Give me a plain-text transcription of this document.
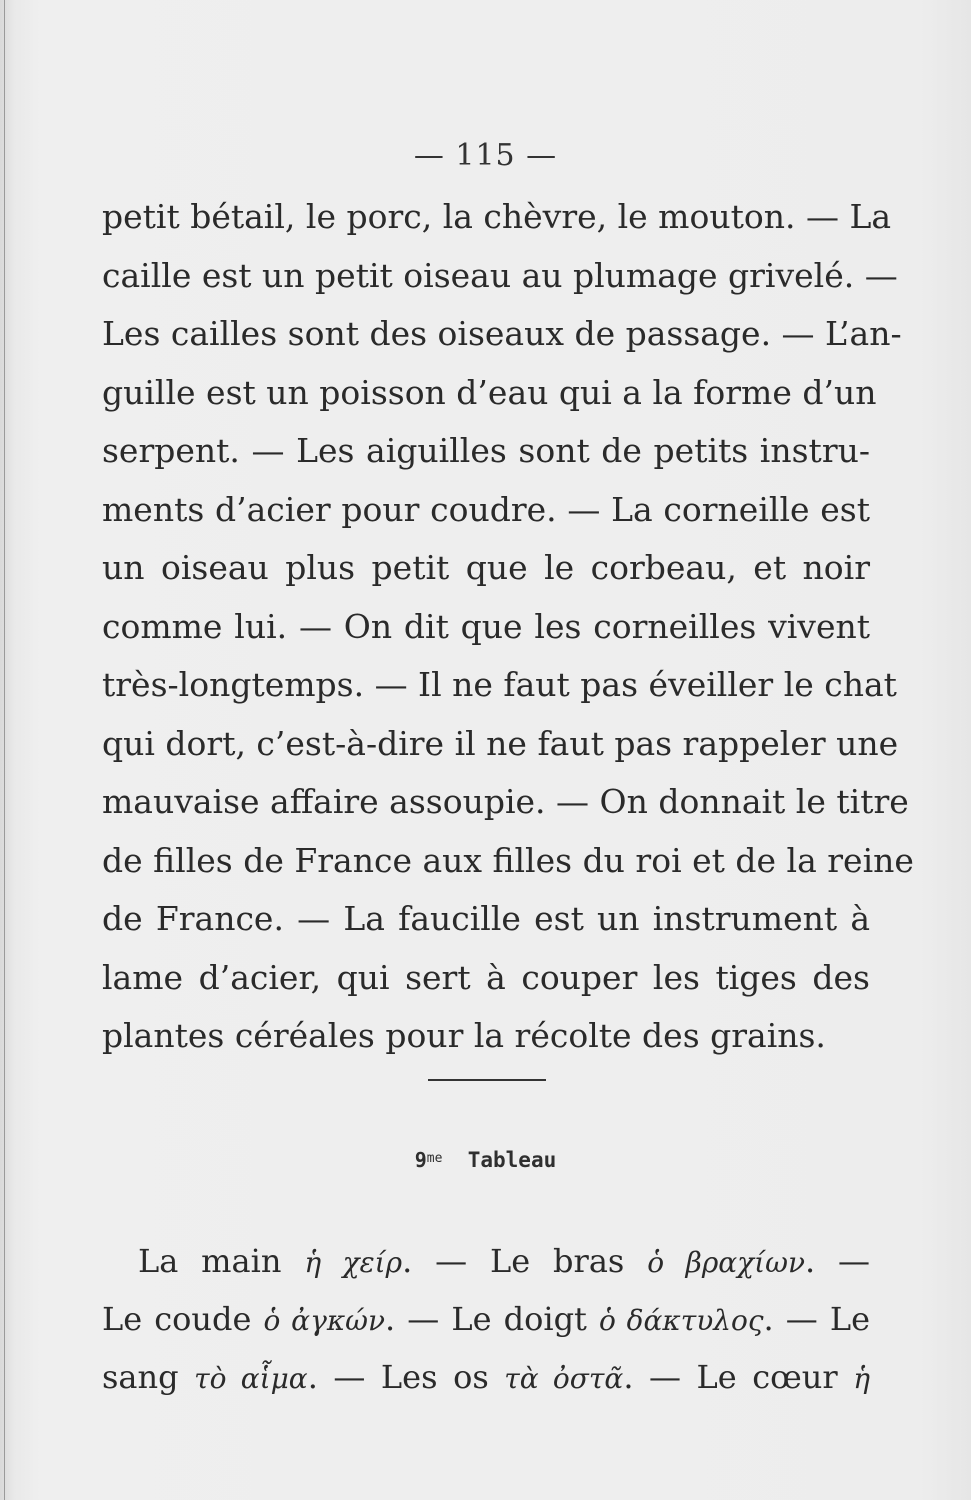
— 115 —
petit bétail, le porc, la chèvre, le mouton. — La
caille est un petit oiseau au plumage grivelé. —
Les cailles sont des oiseaux de passage. — L’an-
guille est un poisson d’eau qui a la forme d’un
serpent. — Les aiguilles sont de petits instru-
ments d’acier pour coudre. — La corneille est
un oiseau plus petit que le corbeau, et noir
comme lui. — On dit que les corneilles vivent
très-longtemps. — Il ne faut pas éveiller le chat
qui dort, c’est-à-dire il ne faut pas rappeler une
mauvaise affaire assoupie. — On donnait le titre
de filles de France aux filles du roi et de la reine
de France. — La faucille est un instrument à
lame d’acier, qui sert à couper les tiges des
plantes céréales pour la récolte des grains.
$9^{me}$ Tableau
La main ἡ χείρ. — Le bras ὁ βραχίων. —
Le coude ὁ ἀγκών. — Le doigt ὁ δάκτυλος. — Le
sang τὸ αἷμα. — Les os τὰ ὀστᾶ. — Le cœur ἡ
